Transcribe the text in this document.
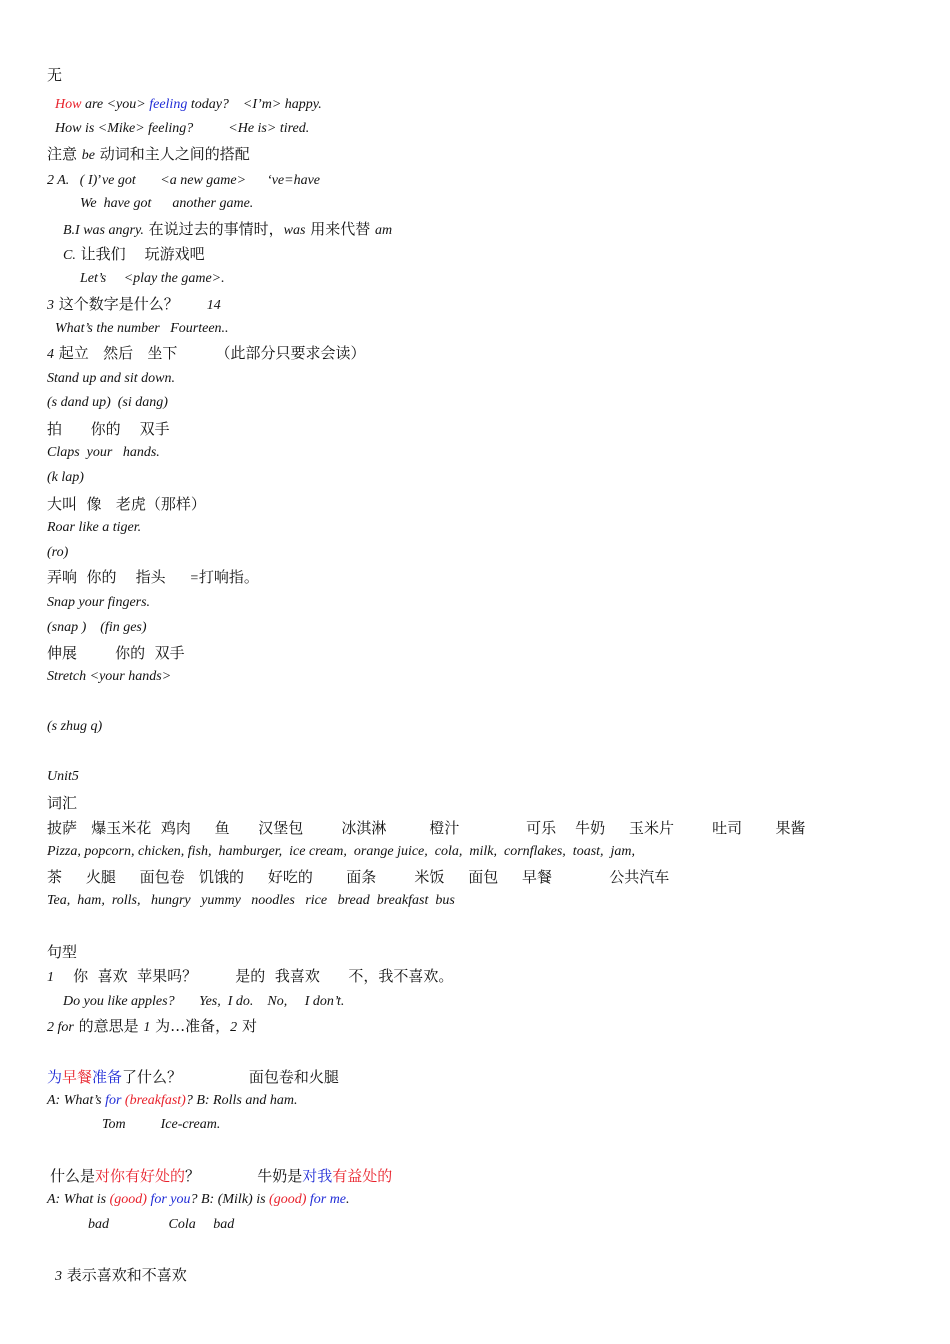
无
How are <you> feeling today?    <I’m> happy.
How is <Mike> feeling?          <He is> tired.
注意 be 动词和主人之间的搭配
2 A.   ( I)’ve got       <a new game>      ‘ve=have
We  have got      another game.
B.I was angry. 在说过去的事情时，was 用来代替 am
C. 让我们    玩游戏吧
Let’s     <play the game>.
3 这个数字是什么？        14
What’s the number   Fourteen..
4 起立   然后   坐下        （此部分只要求会读）
Stand up and sit down.
(s dand up)  (si dang)
拍      你的    双手
Claps  your   hands.
(k lap)
大叫  像   老虎（那样）
Roar like a tiger.
(ro)
弄响  你的    指头     =打响指。
Snap your fingers.
(snap )    (fin ges)
伸展        你的  双手
Stretch <your hands>
(s zhug q)
Unit5
词汇
披萨   爆玉米花  鸡肉     鱼      汉堡包        冰淇淋         橙汁              可乐    牛奶     玉米片        吐司       果酱
Pizza, popcorn, chicken, fish,  hamburger,  ice cream,  orange juice,  cola,  milk,  cornflakes,  toast,  jam,
茶     火腿     面包卷   饥饿的     好吃的       面条        米饭     面包     早餐            公共汽车
Tea,  ham,  rolls,   hungry   yummy   noodles   rice   bread  breakfast  bus
句型
1    你  喜欢  苹果吗？        是的  我喜欢      不，我不喜欢。
Do you like apples?       Yes,  I do.    No,     I don’t.
2 for 的意思是 1 为…准备，2 对
为早餐准备了什么？              面包卷和火腿
A: What’s for (breakfast)? B: Rolls and ham.
Tom          Ice-cream.
什么是对你有好处的？            牛奶是对我有益处的
A: What is (good) for you? B: (Milk) is (good) for me.
bad                 Cola     bad
3 表示喜欢和不喜欢
